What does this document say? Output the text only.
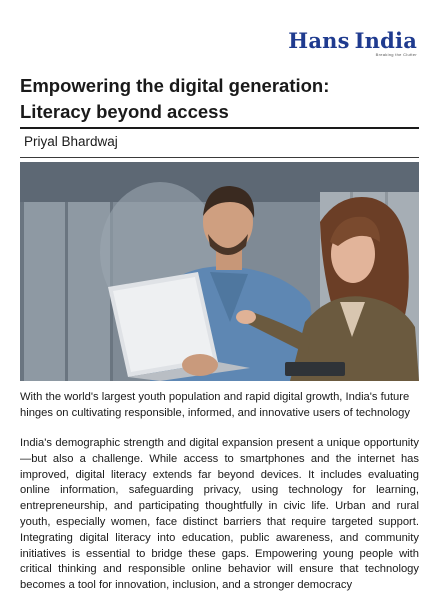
Hans India
Breaking the Clutter
Empowering the digital generation:
Literacy beyond access
Priyal Bhardwaj

With the world's largest youth population and rapid digital growth, India's future hinges on cultivating responsible, informed, and innovative users of technology

India's demographic strength and digital expansion present a unique opportunity—but also a challenge. While access to smartphones and the internet has improved, digital literacy extends far beyond devices. It includes evaluating online information, safeguarding privacy, using technology for learning, entrepreneurship, and participating thoughtfully in civic life. Urban and rural youth, especially women, face distinct barriers that require targeted support. Integrating digital literacy into education, public awareness, and community initiatives is essential to bridge these gaps. Empowering young people with critical thinking and responsible online behavior will ensure that technology becomes a tool for innovation, inclusion, and a stronger democracy
